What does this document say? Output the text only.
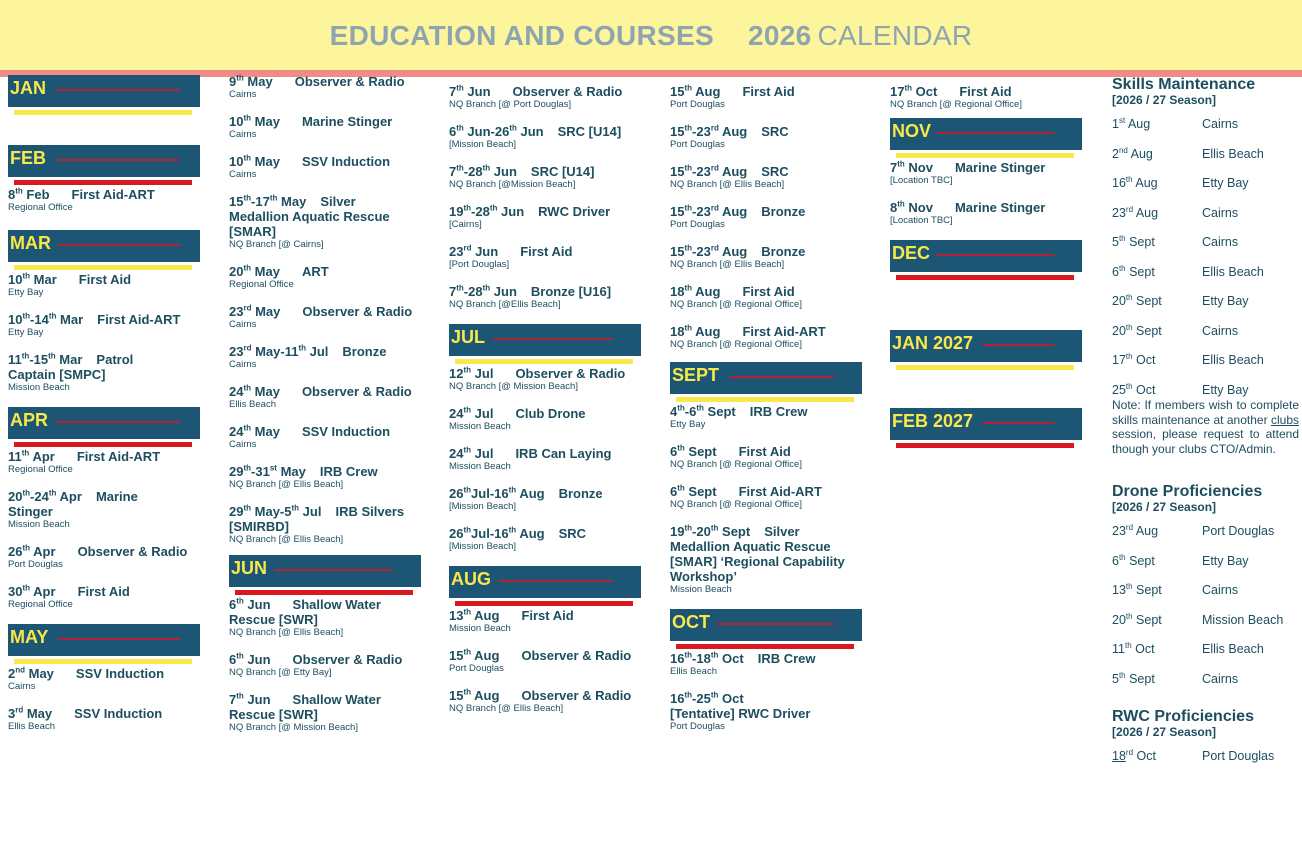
EDUCATION AND COURSES 2026 CALENDAR
JAN
FEB
8th Feb First Aid-ART
Regional Office
MAR
10th Mar First Aid
Etty Bay
10th-14th Mar First Aid-ART
Etty Bay
11th-15th Mar Patrol
Captain [SMPC]
Mission Beach
APR
11th Apr First Aid-ART
Regional Office
20th-24th Apr Marine
Stinger
Mission Beach
26th Apr Observer & Radio
Port Douglas
30th Apr First Aid
Regional Office
MAY
2nd May SSV Induction
Cairns
3rd May SSV Induction
Ellis Beach
9th May Observer & Radio
Cairns
10th May Marine Stinger
Cairns
10th May SSV Induction
Cairns
15th-17th May Silver
Medallion Aquatic Rescue [SMAR]
NQ Branch [@ Cairns]
20th May ART
Regional Office
23rd May Observer & Radio
Cairns
23rd May-11th Jul Bronze
Cairns
24th May Observer & Radio
Ellis Beach
24th May SSV Induction
Cairns
29th-31st May IRB Crew
NQ Branch [@ Ellis Beach]
29th May-5th Jul IRB Silvers
[SMIRBD]
NQ Branch [@ Ellis Beach]
JUN
6th Jun Shallow Water
Rescue [SWR]
NQ Branch [@ Ellis Beach]
6th Jun Observer & Radio
NQ Branch [@ Etty Bay]
7th Jun Shallow Water
Rescue [SWR]
NQ Branch [@ Mission Beach]
7th Jun Observer & Radio
NQ Branch [@ Port Douglas]
6th Jun-26th Jun SRC [U14]
[Mission Beach]
7th-28th Jun SRC [U14]
NQ Branch [@Mission Beach]
19th-28th Jun RWC Driver
[Cairns]
23rd Jun First Aid
[Port Douglas]
7th-28th Jun Bronze [U16]
NQ Branch [@Ellis Beach]
JUL
12th Jul Observer & Radio
NQ Branch [@ Mission Beach]
24th Jul Club Drone
Mission Beach
24th Jul IRB Can Laying
Mission Beach
26thJul-16th Aug Bronze
[Mission Beach]
26thJul-16th Aug SRC
[Mission Beach]
AUG
13th Aug First Aid
Mission Beach
15th Aug Observer & Radio
Port Douglas
15th Aug Observer & Radio
NQ Branch [@ Ellis Beach]
15th Aug First Aid
Port Douglas
15th-23rd Aug SRC
Port Douglas
15th-23rd Aug SRC
NQ Branch [@ Ellis Beach]
15th-23rd Aug Bronze
Port Douglas
15th-23rd Aug Bronze
NQ Branch [@ Ellis Beach]
18th Aug First Aid
NQ Branch [@ Regional Office]
18th Aug First Aid-ART
NQ Branch [@ Regional Office]
SEPT
4th-6th Sept IRB Crew
Etty Bay
6th Sept First Aid
NQ Branch [@ Regional Office]
6th Sept First Aid-ART
NQ Branch [@ Regional Office]
19th-20th Sept Silver
Medallion Aquatic Rescue [SMAR] ‘Regional Capability Workshop’
Mission Beach
OCT
16th-18th Oct IRB Crew
Ellis Beach
16th-25th Oct
[Tentative] RWC Driver
Port Douglas
17th Oct First Aid
NQ Branch [@ Regional Office]
NOV
7th Nov Marine Stinger
[Location TBC]
8th Nov Marine Stinger
[Location TBC]
DEC
JAN 2027
FEB 2027
Skills Maintenance
[2026 / 27 Season]
1st Aug	Cairns
2nd Aug	Ellis Beach
16th Aug	Etty Bay
23rd Aug	Cairns
5th Sept	Cairns
6th Sept	Ellis Beach
20th Sept	Etty Bay
20th Sept	Cairns
17th Oct	Ellis Beach
25th Oct	Etty Bay
Note: If members wish to complete skills maintenance at another clubs session, please request to attend though your clubs CTO/Admin.
Drone Proficiencies
[2026 / 27 Season]
23rd Aug	Port Douglas
6th Sept	Etty Bay
13th Sept	Cairns
20th Sept	Mission Beach
11th Oct	Ellis Beach
5th Sept	Cairns
RWC Proficiencies
[2026 / 27 Season]
18rd Oct	Port Douglas
